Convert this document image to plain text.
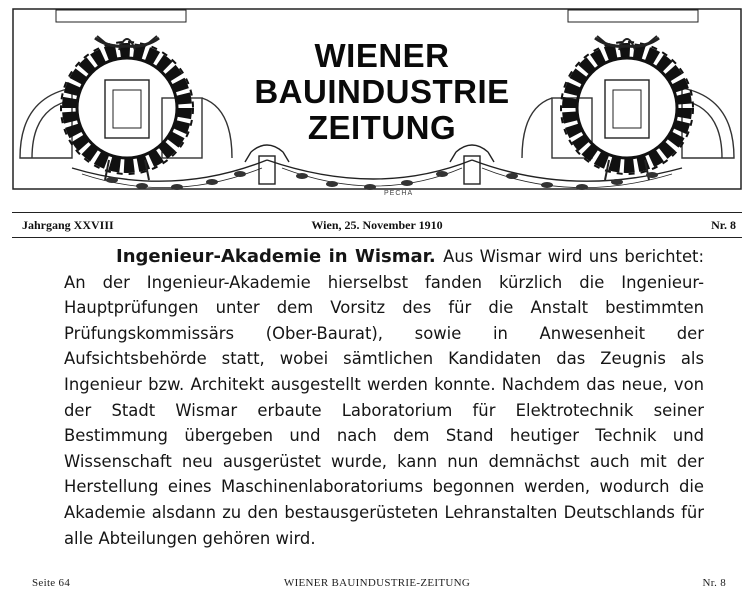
WIENER
BAUINDUSTRIE
ZEITUNG
PECHA
Jahrgang XXVIII	Wien, 25. November 1910	Nr. 8
Ingenieur-Akademie in Wismar. Aus Wismar wird uns berichtet: An der Ingenieur-Akademie hierselbst fanden kürzlich die Ingenieur-Hauptprüfungen unter dem Vorsitz des für die Anstalt bestimmten Prüfungskommissärs (Ober-Baurat), sowie in Anwesenheit der Aufsichtsbehörde statt, wobei sämtlichen Kandidaten das Zeugnis als Ingenieur bzw. Architekt ausgestellt werden konnte. Nachdem das neue, von der Stadt Wismar erbaute Laboratorium für Elektrotechnik seiner Bestimmung übergeben und nach dem Stand heutiger Technik und Wissenschaft neu ausgerüstet wurde, kann nun demnächst auch mit der Herstellung eines Maschinenlaboratoriums begonnen werden, wodurch die Akademie alsdann zu den bestausgerüsteten Lehranstalten Deutschlands für alle Abteilungen gehören wird.
Seite 64	WIENER BAUINDUSTRIE-ZEITUNG	Nr. 8
